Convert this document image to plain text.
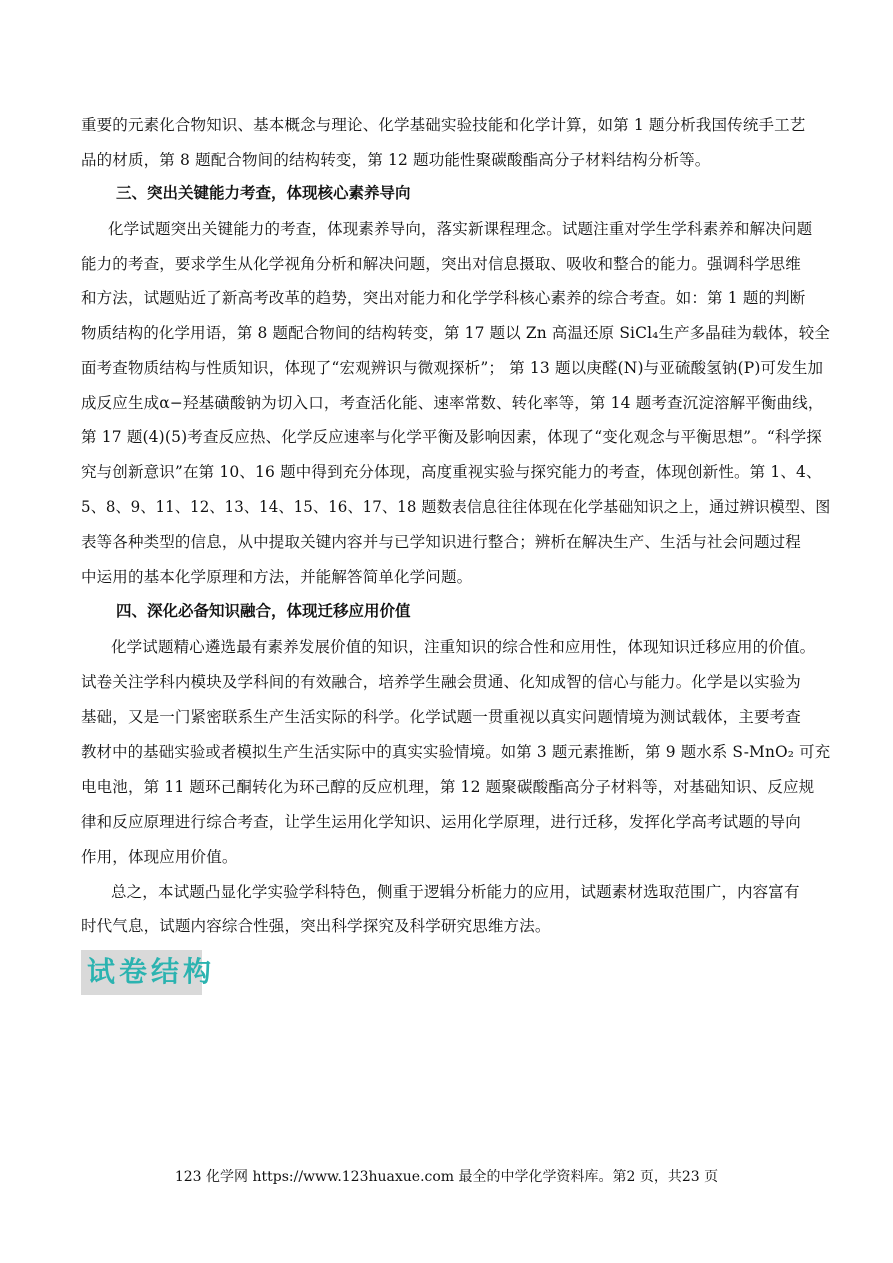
重要的元素化合物知识、基本概念与理论、化学基础实验技能和化学计算，如第 1 题分析我国传统手工艺
品的材质，第 8 题配合物间的结构转变，第 12 题功能性聚碳酸酯高分子材料结构分析等。
三、突出关键能力考查，体现核心素养导向
化学试题突出关键能力的考查，体现素养导向，落实新课程理念。试题注重对学生学科素养和解决问题
能力的考查，要求学生从化学视角分析和解决问题，突出对信息摄取、吸收和整合的能力。强调科学思维
和方法，试题贴近了新高考改革的趋势，突出对能力和化学学科核心素养的综合考查。如：第 1 题的判断
物质结构的化学用语，第 8 题配合物间的结构转变，第 17 题以 Zn 高温还原 SiCl₄生产多晶硅为载体，较全
面考查物质结构与性质知识，体现了“宏观辨识与微观探析”； 第 13 题以庚醛(N)与亚硫酸氢钠(P)可发生加
成反应生成α−羟基磺酸钠为切入口，考查活化能、速率常数、转化率等，第 14 题考查沉淀溶解平衡曲线，
第 17 题(4)(5)考查反应热、化学反应速率与化学平衡及影响因素，体现了“变化观念与平衡思想”。“科学探
究与创新意识”在第 10、16 题中得到充分体现，高度重视实验与探究能力的考查，体现创新性。第 1、4、
5、8、9、11、12、13、14、15、16、17、18 题数表信息往往体现在化学基础知识之上，通过辨识模型、图
表等各种类型的信息，从中提取关键内容并与已学知识进行整合；辨析在解决生产、生活与社会问题过程
中运用的基本化学原理和方法，并能解答简单化学问题。
四、深化必备知识融合，体现迁移应用价值
化学试题精心遴选最有素养发展价值的知识，注重知识的综合性和应用性，体现知识迁移应用的价值。
试卷关注学科内模块及学科间的有效融合，培养学生融会贯通、化知成智的信心与能力。化学是以实验为
基础，又是一门紧密联系生产生活实际的科学。化学试题一贯重视以真实问题情境为测试载体，主要考查
教材中的基础实验或者模拟生产生活实际中的真实实验情境。如第 3 题元素推断，第 9 题水系 S-MnO₂ 可充
电电池，第 11 题环己酮转化为环己醇的反应机理，第 12 题聚碳酸酯高分子材料等，对基础知识、反应规
律和反应原理进行综合考查，让学生运用化学知识、运用化学原理，进行迁移，发挥化学高考试题的导向
作用，体现应用价值。
总之，本试题凸显化学实验学科特色，侧重于逻辑分析能力的应用，试题素材选取范围广，内容富有
时代气息，试题内容综合性强，突出科学探究及科学研究思维方法。
试卷结构
123 化学网 https://www.123huaxue.com 最全的中学化学资料库。第2 页，共23 页
